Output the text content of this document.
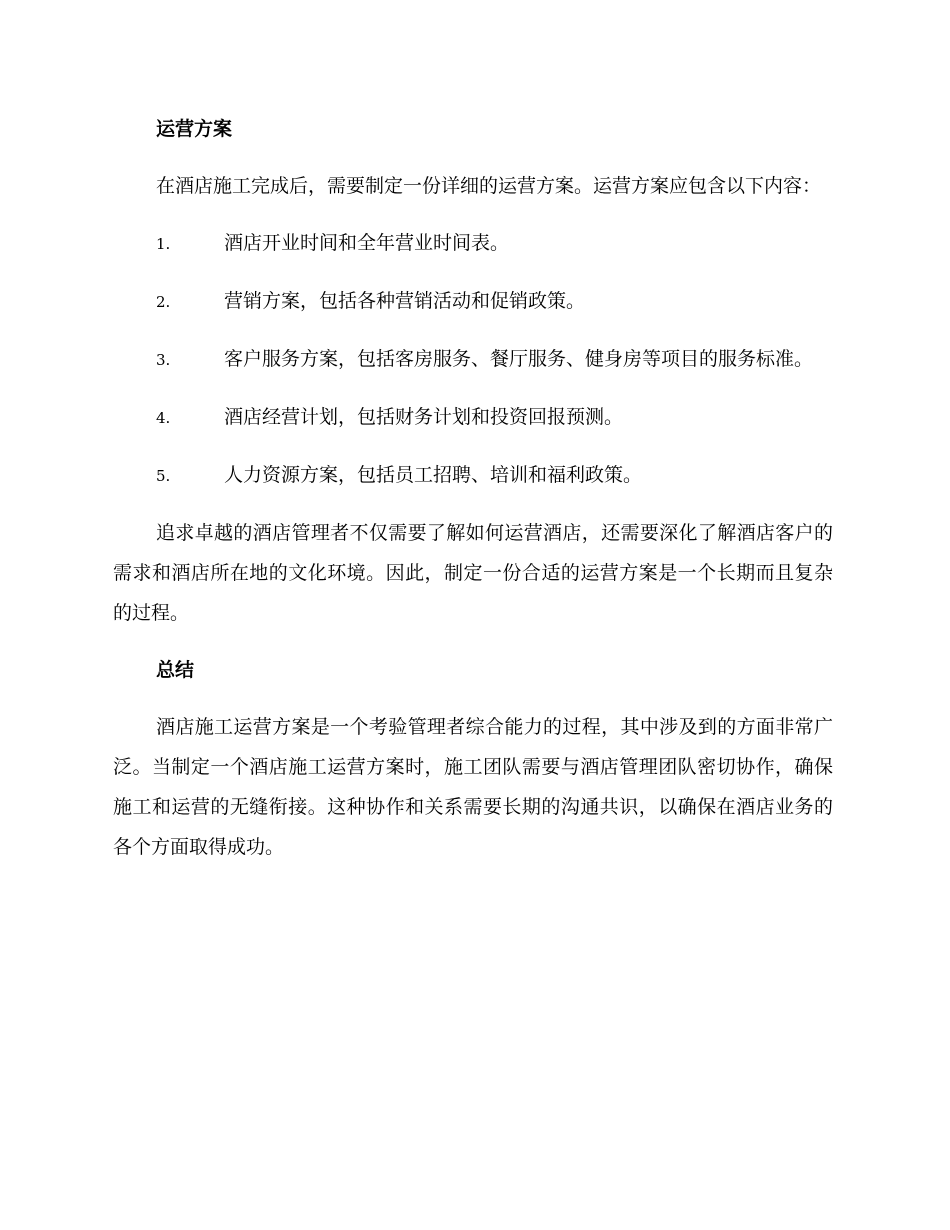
运营方案

在酒店施工完成后，需要制定一份详细的运营方案。运营方案应包含以下内容：

1.	酒店开业时间和全年营业时间表。
2.	营销方案，包括各种营销活动和促销政策。
3.	客户服务方案，包括客房服务、餐厅服务、健身房等项目的服务标准。
4.	酒店经营计划，包括财务计划和投资回报预测。
5.	人力资源方案，包括员工招聘、培训和福利政策。

追求卓越的酒店管理者不仅需要了解如何运营酒店，还需要深化了解酒店客户的需求和酒店所在地的文化环境。因此，制定一份合适的运营方案是一个长期而且复杂的过程。

总结

酒店施工运营方案是一个考验管理者综合能力的过程，其中涉及到的方面非常广泛。当制定一个酒店施工运营方案时，施工团队需要与酒店管理团队密切协作，确保施工和运营的无缝衔接。这种协作和关系需要长期的沟通共识，以确保在酒店业务的各个方面取得成功。
